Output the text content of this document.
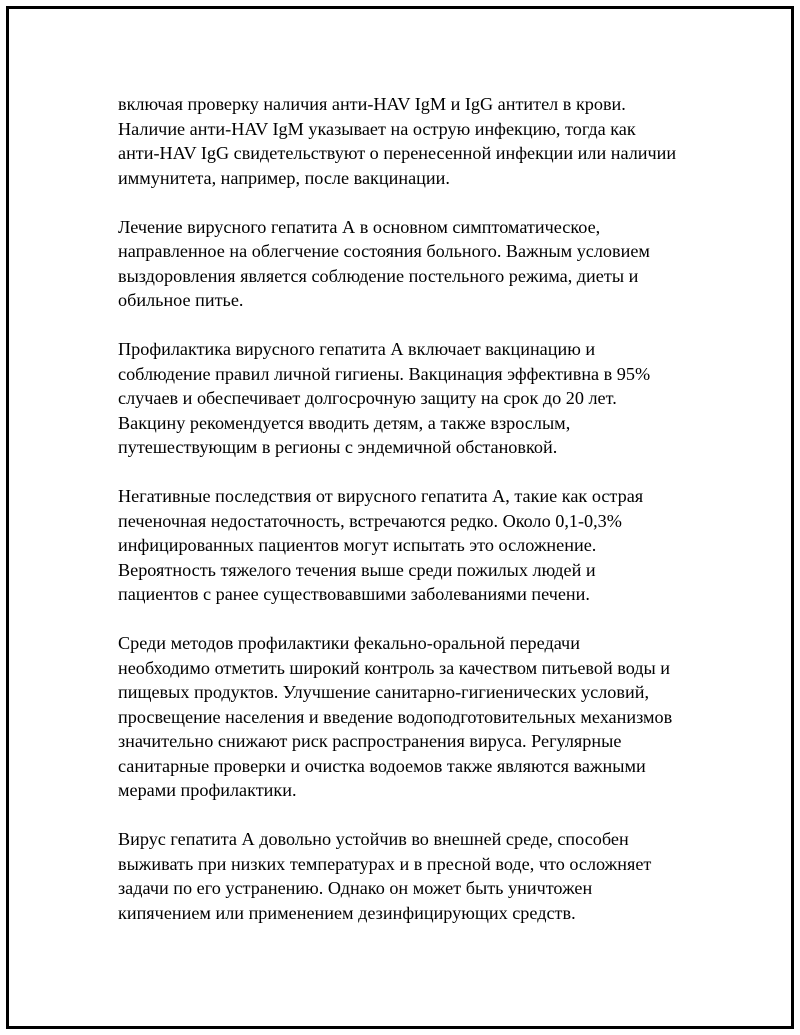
включая проверку наличия анти-HAV IgM и IgG антител в крови.
Наличие анти-HAV IgM указывает на острую инфекцию, тогда как
анти-HAV IgG свидетельствуют о перенесенной инфекции или наличии
иммунитета, например, после вакцинации.

Лечение вирусного гепатита А в основном симптоматическое,
направленное на облегчение состояния больного. Важным условием
выздоровления является соблюдение постельного режима, диеты и
обильное питье.

Профилактика вирусного гепатита А включает вакцинацию и
соблюдение правил личной гигиены. Вакцинация эффективна в 95%
случаев и обеспечивает долгосрочную защиту на срок до 20 лет.
Вакцину рекомендуется вводить детям, а также взрослым,
путешествующим в регионы с эндемичной обстановкой.

Негативные последствия от вирусного гепатита А, такие как острая
печеночная недостаточность, встречаются редко. Около 0,1-0,3%
инфицированных пациентов могут испытать это осложнение.
Вероятность тяжелого течения выше среди пожилых людей и
пациентов с ранее существовавшими заболеваниями печени.

Среди методов профилактики фекально-оральной передачи
необходимо отметить широкий контроль за качеством питьевой воды и
пищевых продуктов. Улучшение санитарно-гигиенических условий,
просвещение населения и введение водоподготовительных механизмов
значительно снижают риск распространения вируса. Регулярные
санитарные проверки и очистка водоемов также являются важными
мерами профилактики.

Вирус гепатита А довольно устойчив во внешней среде, способен
выживать при низких температурах и в пресной воде, что осложняет
задачи по его устранению. Однако он может быть уничтожен
кипячением или применением дезинфицирующих средств.
